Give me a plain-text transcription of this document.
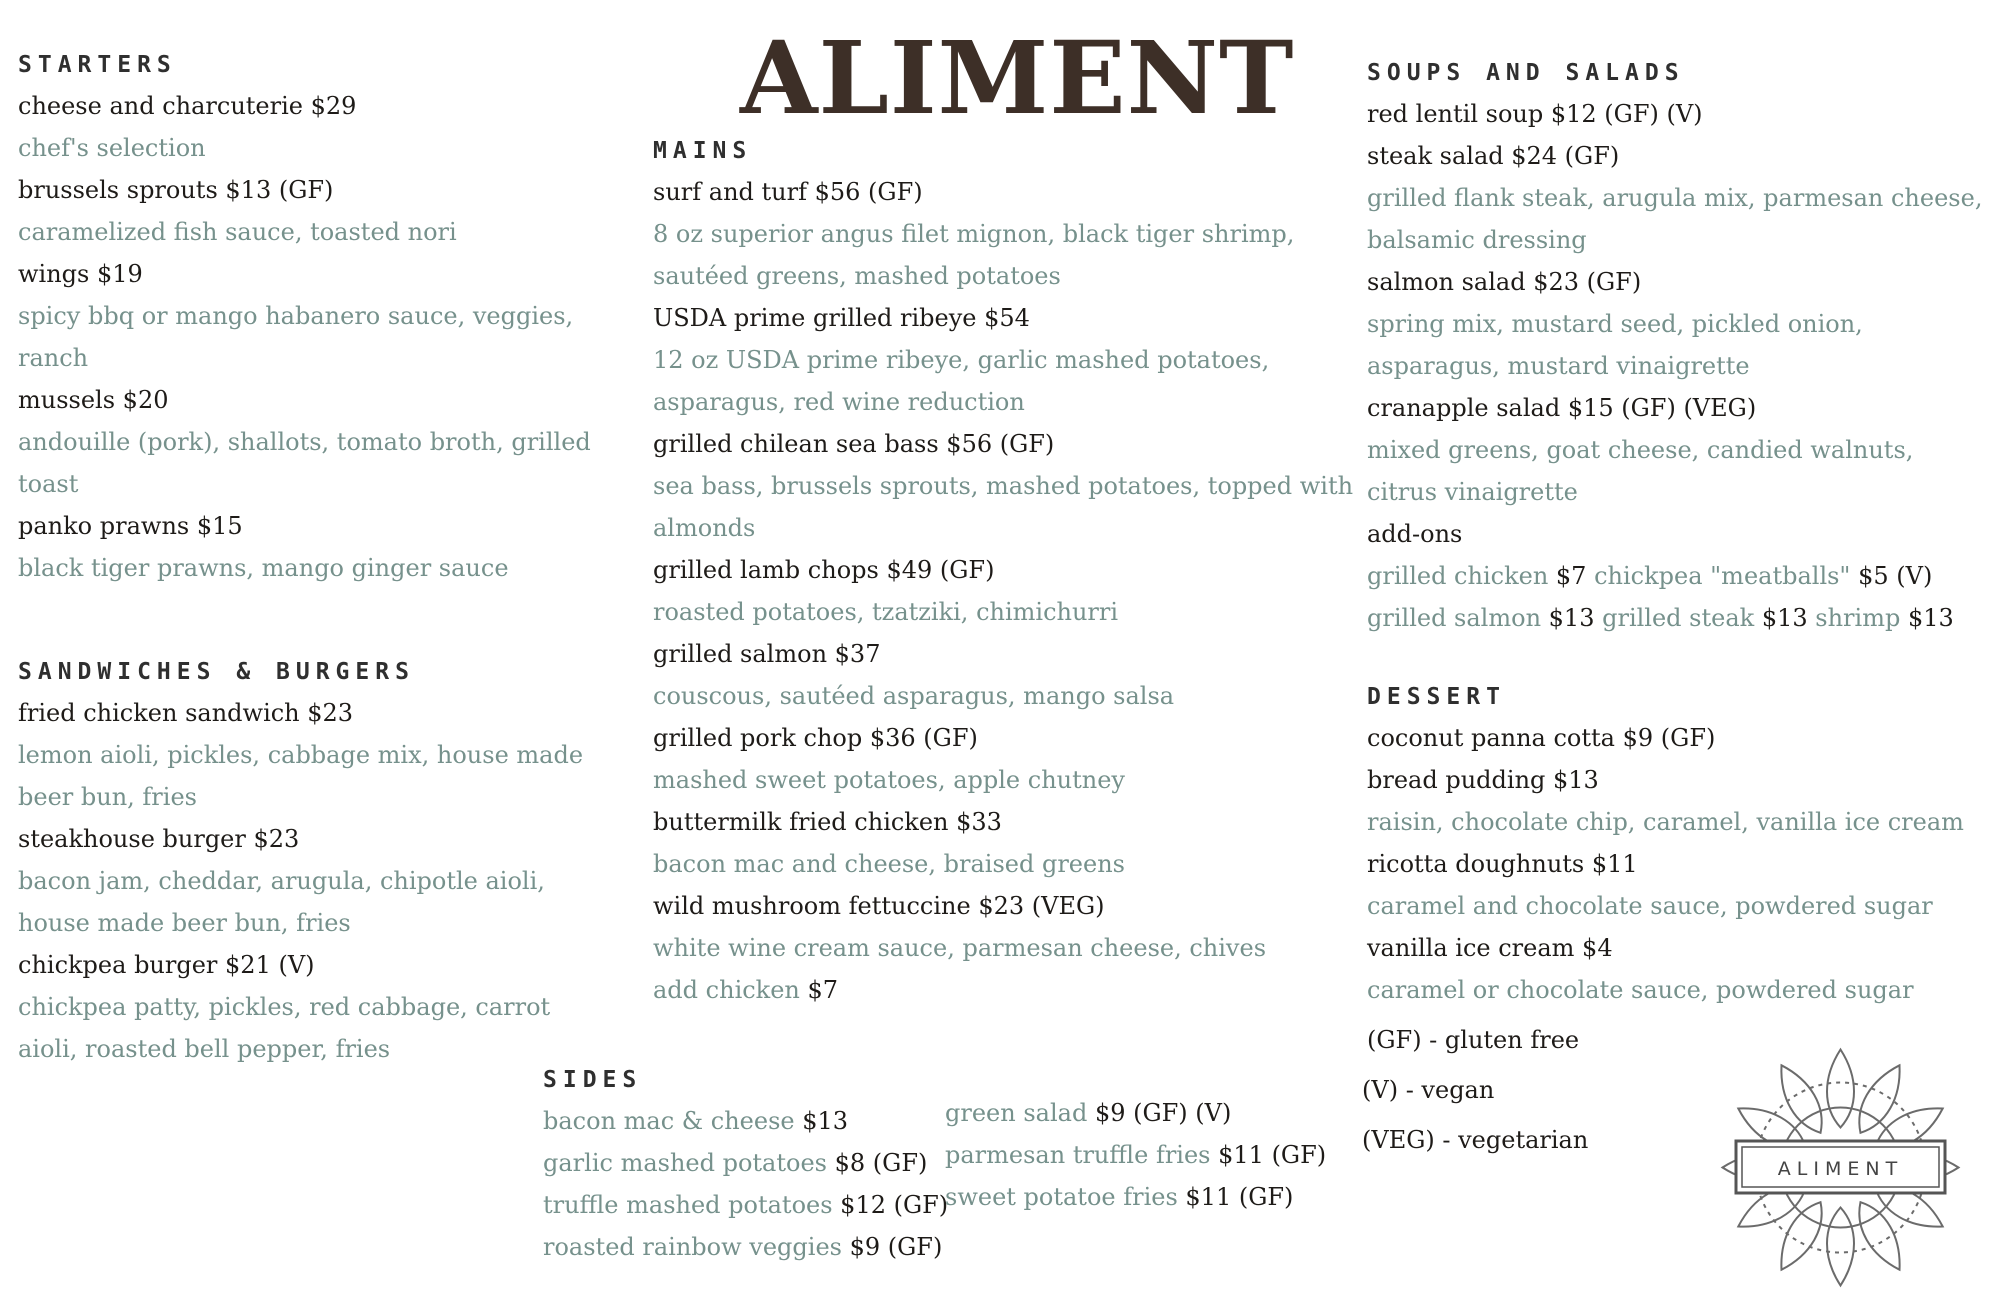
ALIMENT
STARTERS
cheese and charcuterie $29
chef's selection
brussels sprouts $13 (GF)
caramelized fish sauce, toasted nori
wings $19
spicy bbq or mango habanero sauce, veggies,
ranch
mussels $20
andouille (pork), shallots, tomato broth, grilled
toast
panko prawns $15
black tiger prawns, mango ginger sauce
SANDWICHES & BURGERS
fried chicken sandwich $23
lemon aioli, pickles, cabbage mix, house made
beer bun, fries
steakhouse burger $23
bacon jam, cheddar, arugula, chipotle aioli,
house made beer bun, fries
chickpea burger $21 (V)
chickpea patty, pickles, red cabbage, carrot
aioli, roasted bell pepper, fries
MAINS
surf and turf $56 (GF)
8 oz superior angus filet mignon, black tiger shrimp,
sautéed greens, mashed potatoes
USDA prime grilled ribeye $54
12 oz USDA prime ribeye, garlic mashed potatoes,
asparagus, red wine reduction
grilled chilean sea bass $56 (GF)
sea bass, brussels sprouts, mashed potatoes, topped with
almonds
grilled lamb chops $49 (GF)
roasted potatoes, tzatziki, chimichurri
grilled salmon $37
couscous, sautéed asparagus, mango salsa
grilled pork chop $36 (GF)
mashed sweet potatoes, apple chutney
buttermilk fried chicken $33
bacon mac and cheese, braised greens
wild mushroom fettuccine $23 (VEG)
white wine cream sauce, parmesan cheese, chives
add chicken $7
SIDES
bacon mac & cheese $13
garlic mashed potatoes $8 (GF)
truffle mashed potatoes $12 (GF)
roasted rainbow veggies $9 (GF)
green salad $9 (GF) (V)
parmesan truffle fries $11 (GF)
sweet potatoe fries $11 (GF)
SOUPS AND SALADS
red lentil soup $12 (GF) (V)
steak salad $24 (GF)
grilled flank steak, arugula mix, parmesan cheese,
balsamic dressing
salmon salad $23 (GF)
spring mix, mustard seed, pickled onion,
asparagus, mustard vinaigrette
cranapple salad $15 (GF) (VEG)
mixed greens, goat cheese, candied walnuts,
citrus vinaigrette
add-ons
grilled chicken $7 chickpea "meatballs" $5 (V)
grilled salmon $13 grilled steak $13 shrimp $13
DESSERT
coconut panna cotta $9 (GF)
bread pudding $13
raisin, chocolate chip, caramel, vanilla ice cream
ricotta doughnuts $11
caramel and chocolate sauce, powdered sugar
vanilla ice cream $4
caramel or chocolate sauce, powdered sugar
(GF) - gluten free
(V) - vegan
(VEG) - vegetarian
ALIMENT
